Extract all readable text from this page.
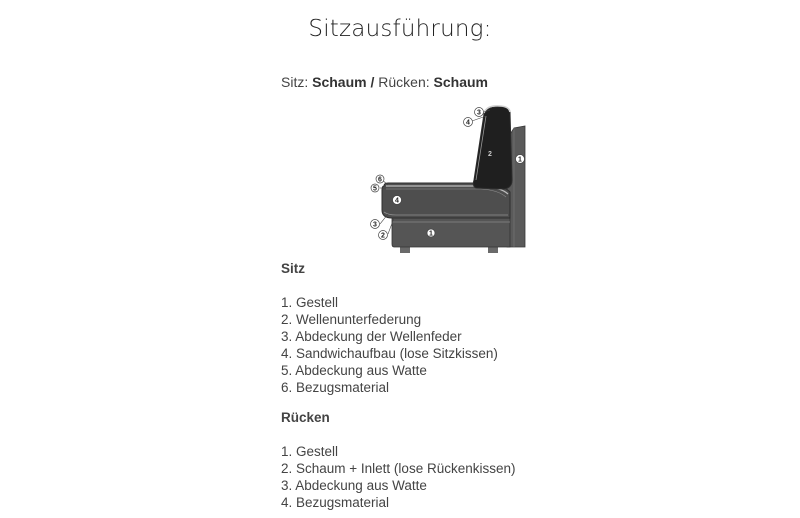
Sitzausführung:
Sitz: Schaum / Rücken: Schaum
1
2
3
4
6
5
4
3
2	1
Sitz
1. Gestell
2. Wellenunterfederung
3. Abdeckung der Wellenfeder
4. Sandwichaufbau (lose Sitzkissen)
5. Abdeckung aus Watte
6. Bezugsmaterial
Rücken
1. Gestell
2. Schaum + Inlett (lose Rückenkissen)
3. Abdeckung aus Watte
4. Bezugsmaterial
